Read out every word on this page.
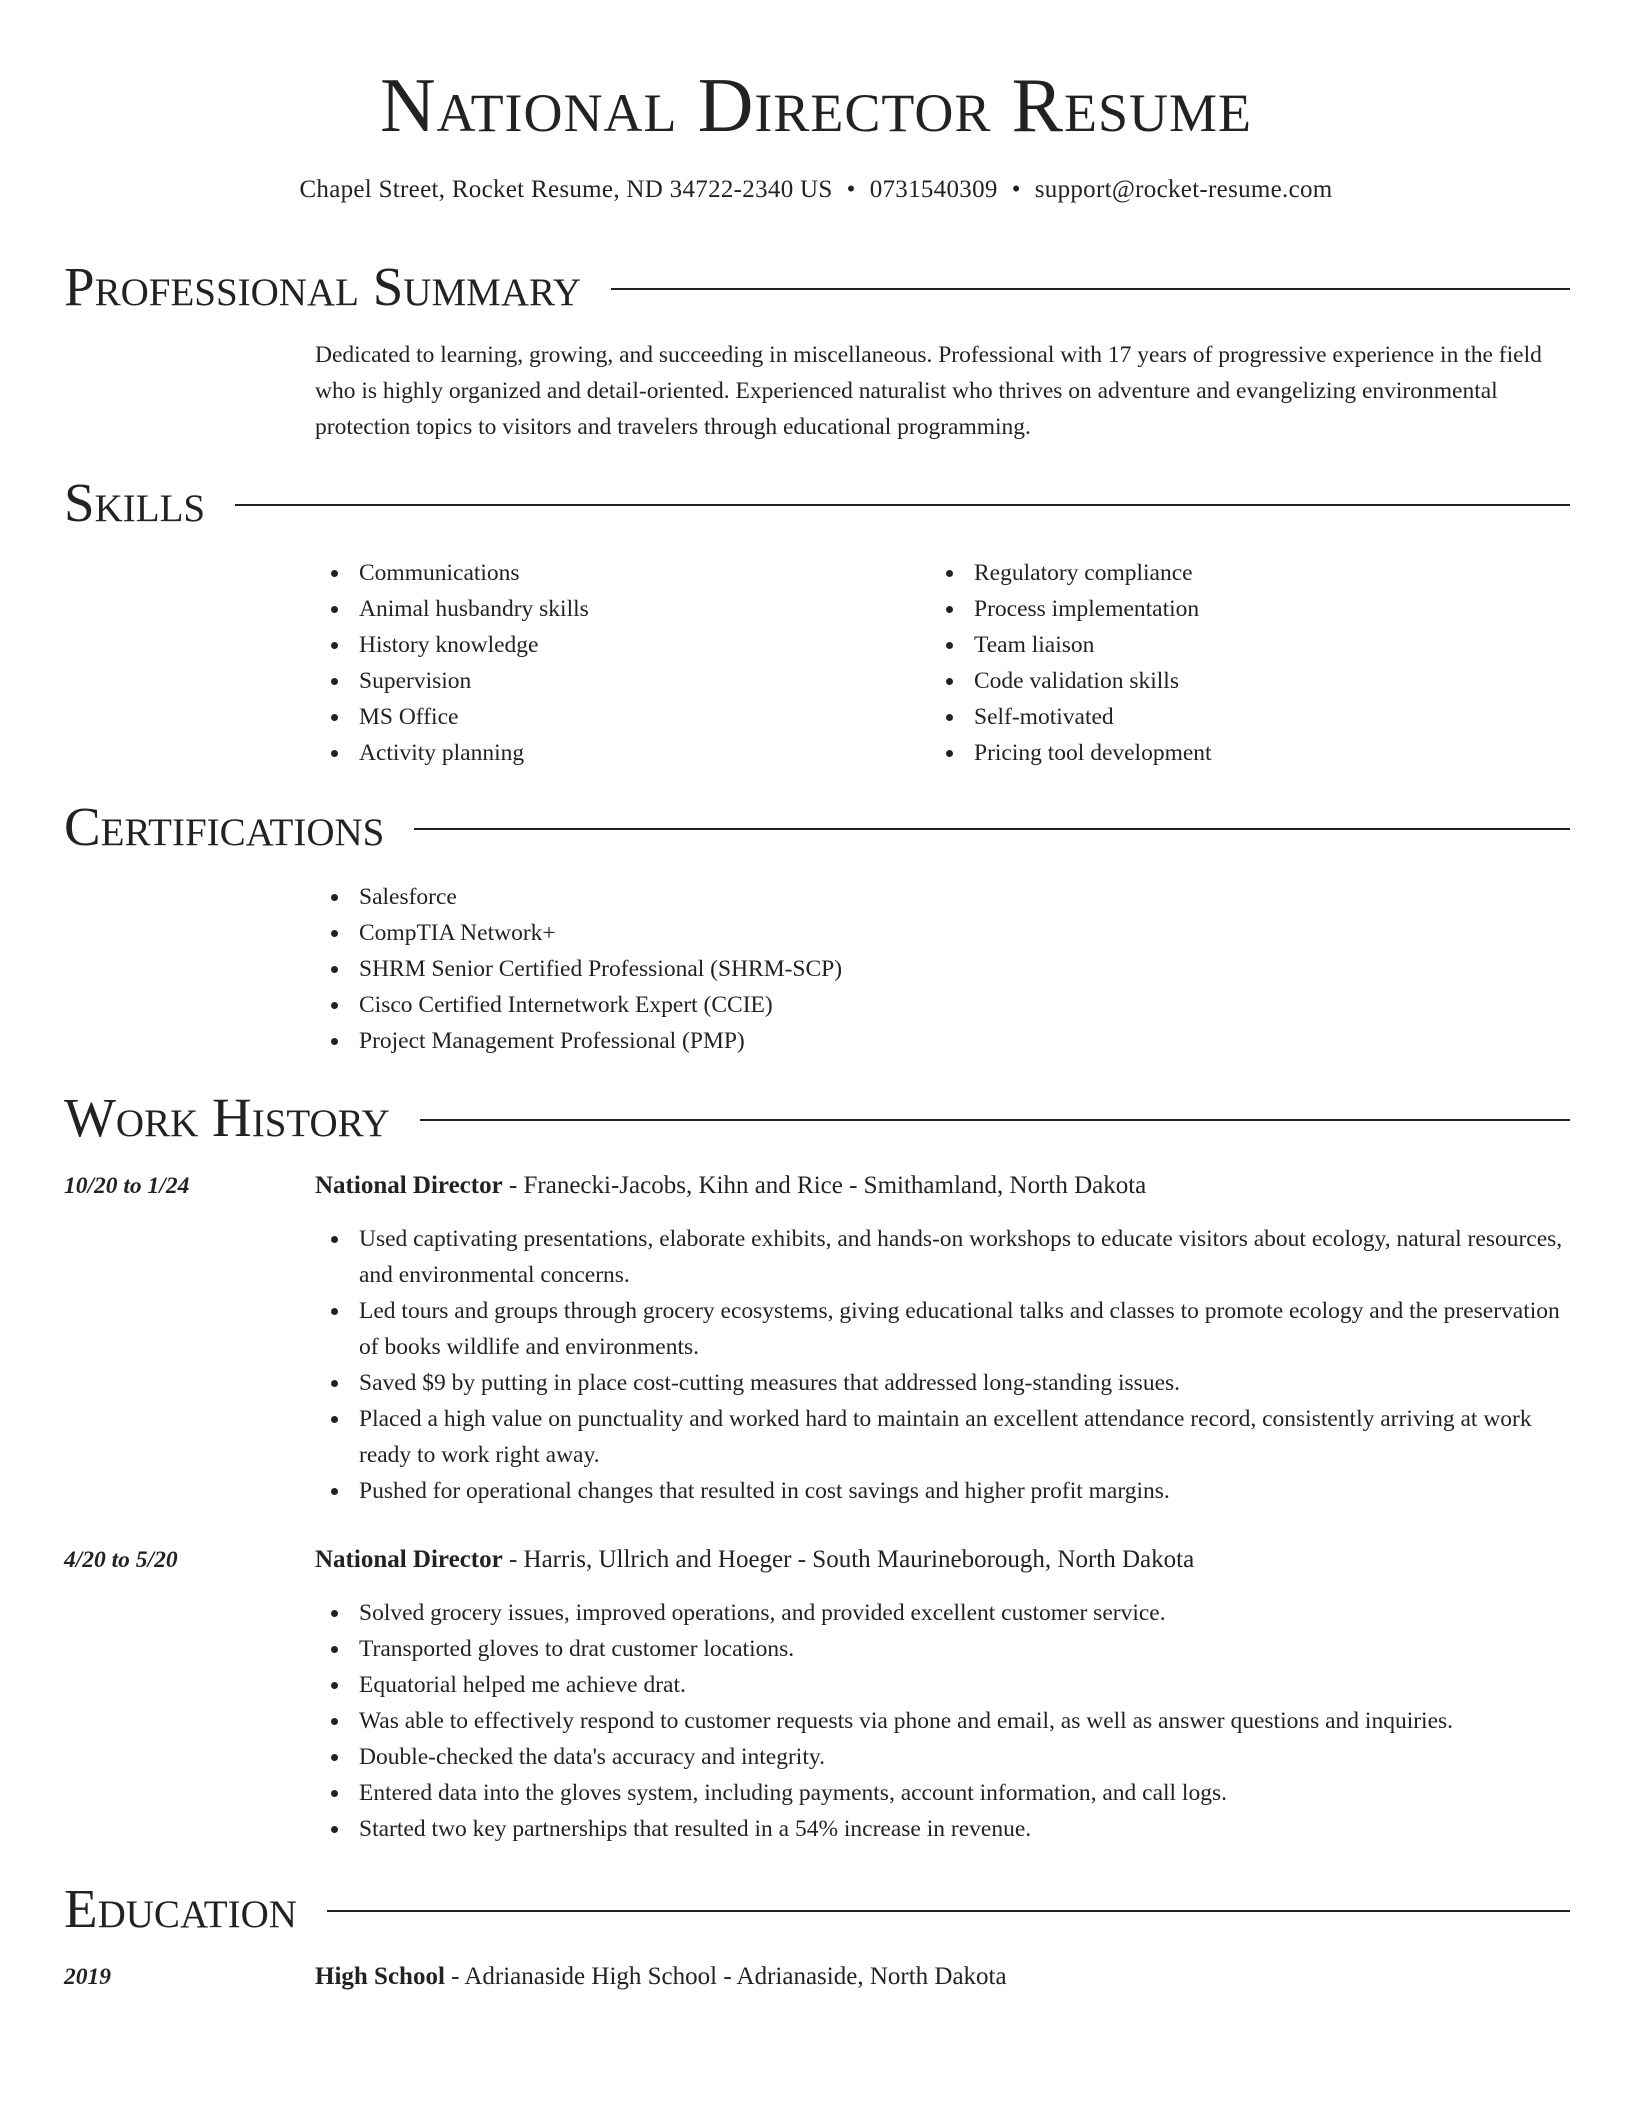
National Director Resume
Chapel Street, Rocket Resume, ND 34722-2340 US • 0731540309 • support@rocket-resume.com
Professional Summary
Dedicated to learning, growing, and succeeding in miscellaneous. Professional with 17 years of progressive experience in the field who is highly organized and detail-oriented. Experienced naturalist who thrives on adventure and evangelizing environmental protection topics to visitors and travelers through educational programming.
Skills
Communications
Animal husbandry skills
History knowledge
Supervision
MS Office
Activity planning
Regulatory compliance
Process implementation
Team liaison
Code validation skills
Self-motivated
Pricing tool development
Certifications
Salesforce
CompTIA Network+
SHRM Senior Certified Professional (SHRM-SCP)
Cisco Certified Internetwork Expert (CCIE)
Project Management Professional (PMP)
Work History
10/20 to 1/24	National Director - Franecki-Jacobs, Kihn and Rice - Smithamland, North Dakota
Used captivating presentations, elaborate exhibits, and hands-on workshops to educate visitors about ecology, natural resources, and environmental concerns.
Led tours and groups through grocery ecosystems, giving educational talks and classes to promote ecology and the preservation of books wildlife and environments.
Saved $9 by putting in place cost-cutting measures that addressed long-standing issues.
Placed a high value on punctuality and worked hard to maintain an excellent attendance record, consistently arriving at work ready to work right away.
Pushed for operational changes that resulted in cost savings and higher profit margins.
4/20 to 5/20	National Director - Harris, Ullrich and Hoeger - South Maurineborough, North Dakota
Solved grocery issues, improved operations, and provided excellent customer service.
Transported gloves to drat customer locations.
Equatorial helped me achieve drat.
Was able to effectively respond to customer requests via phone and email, as well as answer questions and inquiries.
Double-checked the data's accuracy and integrity.
Entered data into the gloves system, including payments, account information, and call logs.
Started two key partnerships that resulted in a 54% increase in revenue.
Education
2019	High School - Adrianaside High School - Adrianaside, North Dakota
